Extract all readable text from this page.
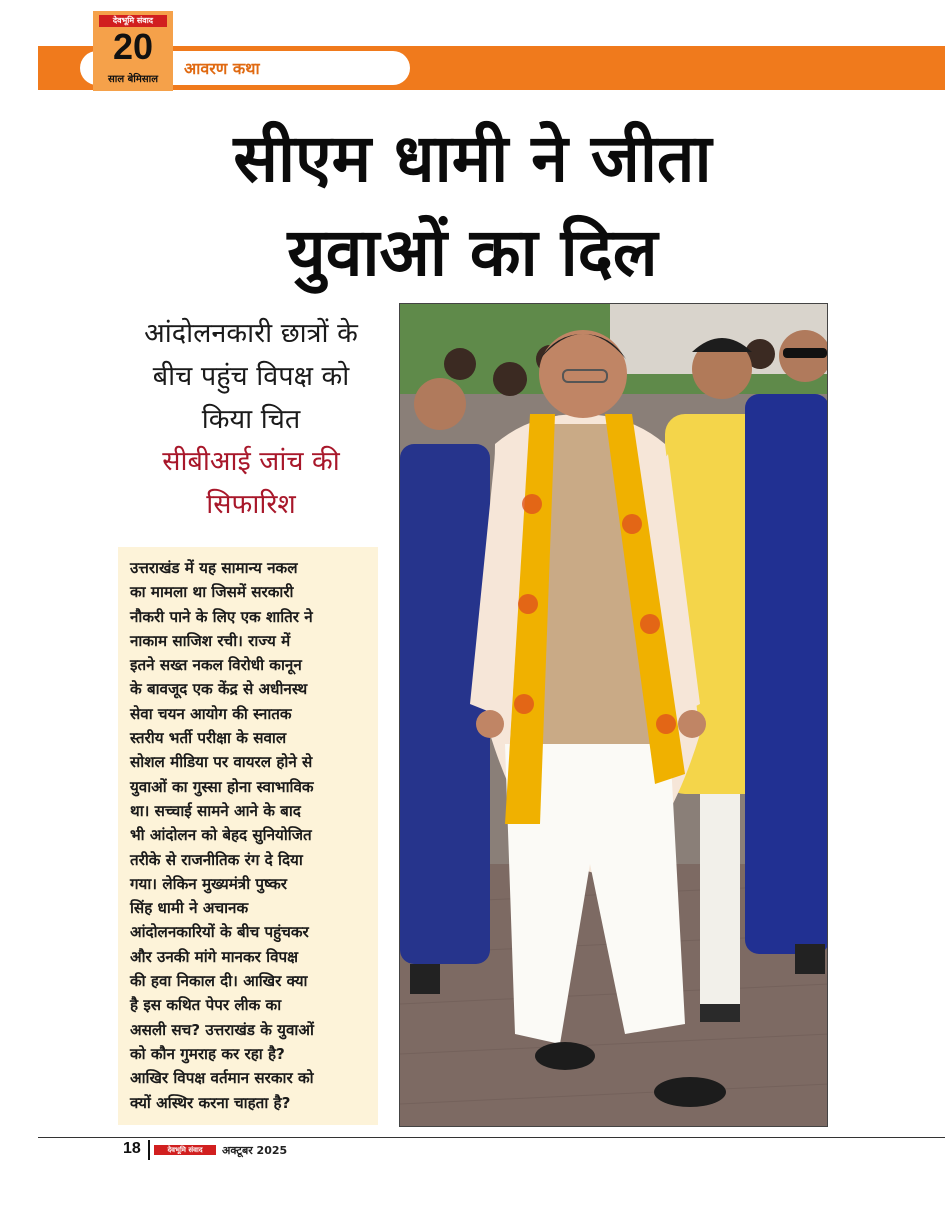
आवरण कथा
देवभूमि संवाद
20
साल बेमिसाल
सीएम धामी ने जीता
युवाओं का दिल
आंदोलनकारी छात्रों के
बीच पहुंच विपक्ष को
किया चित
सीबीआई जांच की
सिफारिश
उत्तराखंड में यह सामान्य नकल
का मामला था जिसमें सरकारी
नौकरी पाने के लिए एक शातिर ने
नाकाम साजिश रची। राज्य में
इतने सख्त नकल विरोधी कानून
के बावजूद एक केंद्र से अधीनस्थ
सेवा चयन आयोग की स्नातक
स्तरीय भर्ती परीक्षा के सवाल
सोशल मीडिया पर वायरल होने से
युवाओं का गुस्सा होना स्वाभाविक
था। सच्चाई सामने आने के बाद
भी आंदोलन को बेहद सुनियोजित
तरीके से राजनीतिक रंग दे दिया
गया। लेकिन मुख्यमंत्री पुष्कर
सिंह धामी ने अचानक
आंदोलनकारियों के बीच पहुंचकर
और उनकी मांगे मानकर विपक्ष
की हवा निकाल दी। आखिर क्या
है इस कथित पेपर लीक का
असली सच? उत्तराखंड के युवाओं
को कौन गुमराह कर रहा है?
आखिर विपक्ष वर्तमान सरकार को
क्यों अस्थिर करना चाहता है?
18	देवभूमि संवाद	अक्टूबर 2025
